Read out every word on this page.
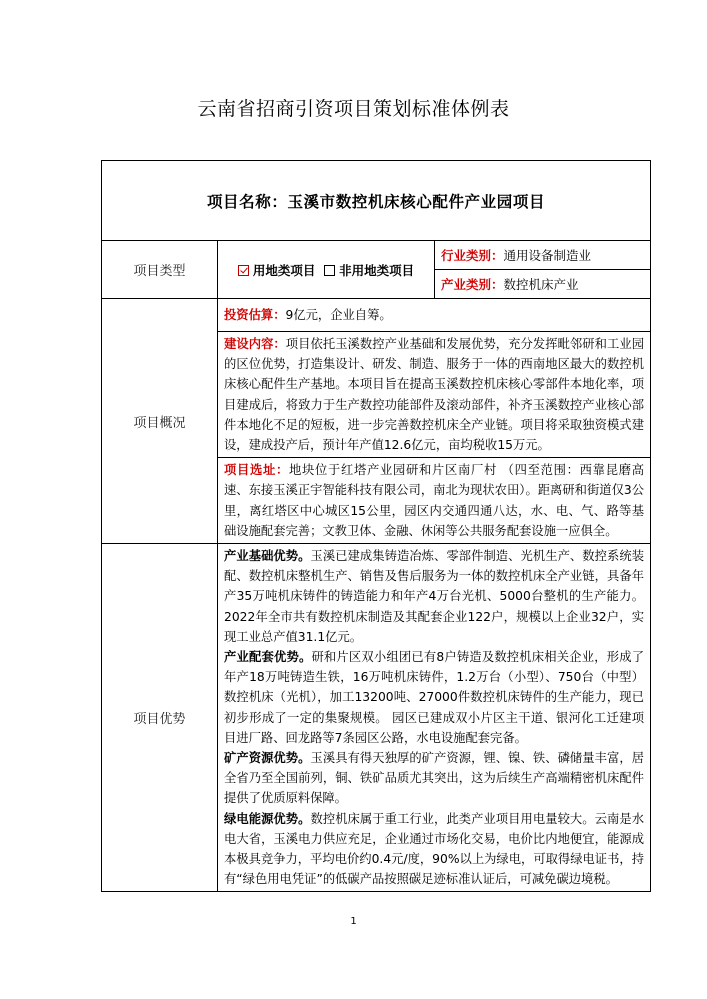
云南省招商引资项目策划标准体例表
项目名称：玉溪市数控机床核心配件产业园项目		
项目类型	用地类项目 非用地类项目	行业类别：通用设备制造业
		产业类别：数控机床产业
项目概况	投资估算：9亿元，企业自筹。	
	建设内容：项目依托玉溪数控产业基础和发展优势，充分发挥毗邻研和工业园的区位优势，打造集设计、研发、制造、服务于一体的西南地区最大的数控机床核心配件生产基地。本项目旨在提高玉溪数控机床核心零部件本地化率，项目建成后，将致力于生产数控功能部件及滚动部件，补齐玉溪数控产业核心部件本地化不足的短板，进一步完善数控机床全产业链。项目将采取独资模式建设，建成投产后，预计年产值12.6亿元，亩均税收15万元。	
	项目选址：地块位于红塔产业园研和片区南厂村 （四至范围：西靠昆磨高速、东接玉溪正宇智能科技有限公司，南北为现状农田）。距离研和街道仅3公里，离红塔区中心城区15公里，园区内交通四通八达，水、电、气、路等基础设施配套完善；文教卫体、金融、休闲等公共服务配套设施一应俱全。	
项目优势	产业基础优势。玉溪已建成集铸造冶炼、零部件制造、光机生产、数控系统装配、数控机床整机生产、销售及售后服务为一体的数控机床全产业链，具备年产35万吨机床铸件的铸造能力和年产4万台光机、5000台整机的生产能力。2022年全市共有数控机床制造及其配套企业122户，规模以上企业32户，实现工业总产值31.1亿元。

产业配套优势。研和片区双小组团已有8户铸造及数控机床相关企业，形成了年产18万吨铸造生铁，16万吨机床铸件，1.2万台（小型）、750台（中型）数控机床（光机），加工13200吨、27000件数控机床铸件的生产能力，现已初步形成了一定的集聚规模。 园区已建成双小片区主干道、银河化工迁建项目进厂路、回龙路等7条园区公路，水电设施配套完备。

矿产资源优势。玉溪具有得天独厚的矿产资源，锂、镍、铁、磷储量丰富，居全省乃至全国前列，铜、铁矿品质尤其突出，这为后续生产高端精密机床配件提供了优质原料保障。

绿电能源优势。数控机床属于重工行业，此类产业项目用电量较大。云南是水电大省，玉溪电力供应充足，企业通过市场化交易，电价比内地便宜，能源成本极具竞争力，平均电价约0.4元/度，90%以上为绿电，可取得绿电证书，持有“绿色用电凭证”的低碳产品按照碳足迹标准认证后，可减免碳边境税。	

1
